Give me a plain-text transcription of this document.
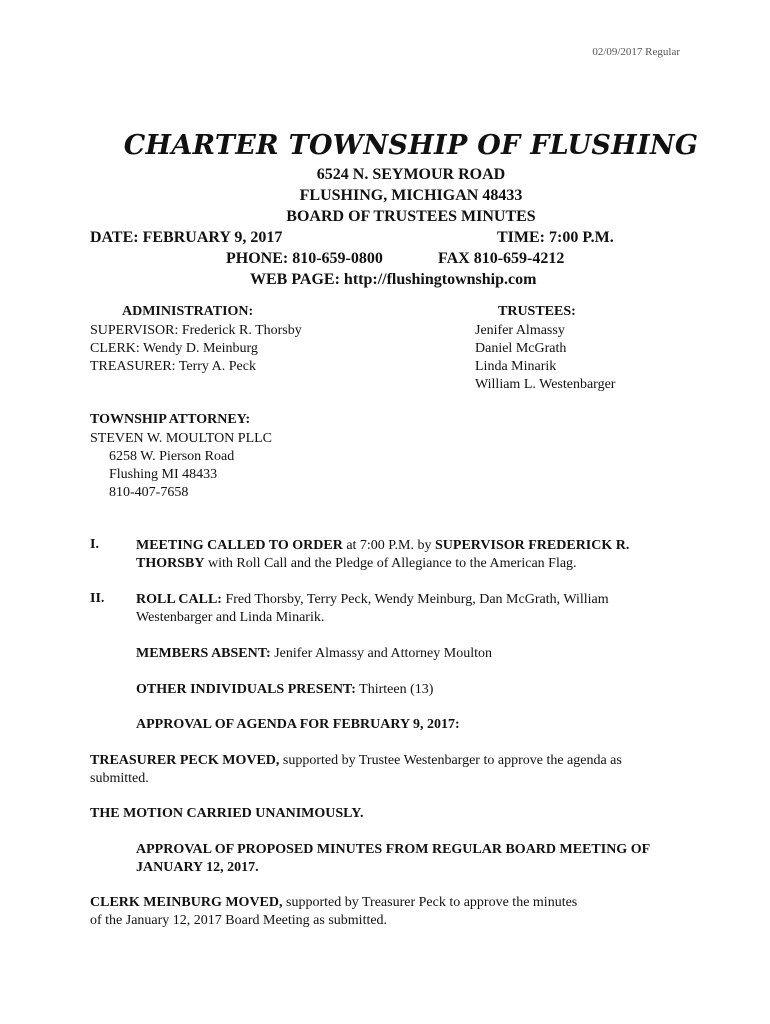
02/09/2017 Regular
CHARTER TOWNSHIP OF FLUSHING
6524 N. SEYMOUR ROAD
FLUSHING, MICHIGAN 48433
BOARD OF TRUSTEES MINUTES
DATE: FEBRUARY 9, 2017	TIME: 7:00 P.M.
PHONE: 810-659-0800	FAX 810-659-4212
WEB PAGE: http://flushingtownship.com
ADMINISTRATION:
SUPERVISOR: Frederick R. Thorsby
CLERK: Wendy D. Meinburg
TREASURER: Terry A. Peck
TRUSTEES:
Jenifer Almassy
Daniel McGrath
Linda Minarik
William L. Westenbarger
TOWNSHIP ATTORNEY:
STEVEN W. MOULTON PLLC
6258 W. Pierson Road
Flushing MI 48433
810-407-7658
I.	MEETING CALLED TO ORDER at 7:00 P.M. by SUPERVISOR FREDERICK R. THORSBY with Roll Call and the Pledge of Allegiance to the American Flag.

II. ROLL CALL: Fred Thorsby, Terry Peck, Wendy Meinburg, Dan McGrath, William Westenbarger and Linda Minarik.

MEMBERS ABSENT: Jenifer Almassy and Attorney Moulton

OTHER INDIVIDUALS PRESENT: Thirteen (13)

APPROVAL OF AGENDA FOR FEBRUARY 9, 2017:

TREASURER PECK MOVED, supported by Trustee Westenbarger to approve the agenda as submitted.

THE MOTION CARRIED UNANIMOUSLY.

APPROVAL OF PROPOSED MINUTES FROM REGULAR BOARD MEETING OF JANUARY 12, 2017.

CLERK MEINBURG MOVED, supported by Treasurer Peck to approve the minutes
of the January 12, 2017 Board Meeting as submitted.
